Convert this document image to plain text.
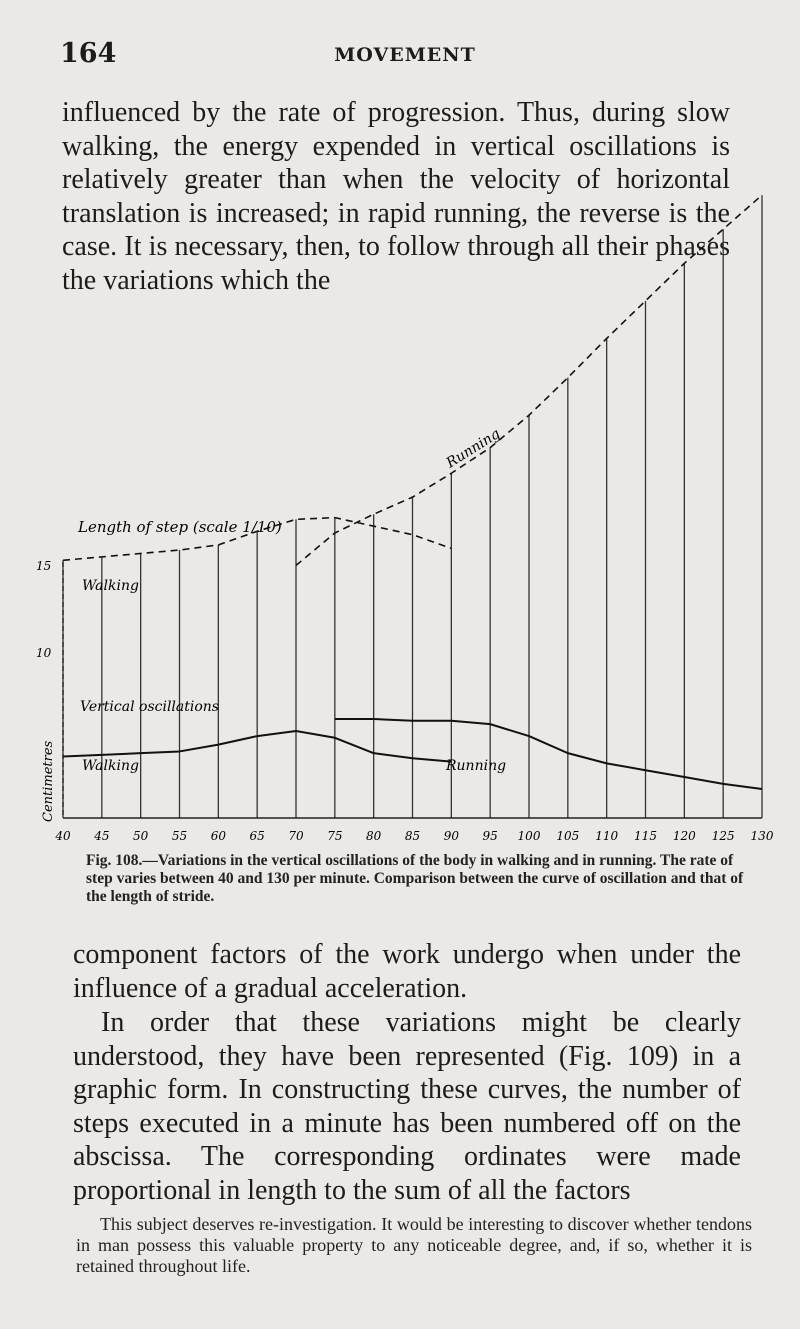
164	MOVEMENT

influenced by the rate of progression. Thus, during slow walking, the energy expended in vertical oscillations is relatively greater than when the velocity of horizontal translation is increased; in rapid running, the reverse is the case. It is necessary, then, to follow through all their phases the variations which the

40 45 50 55 60 65 70 75 80 85 90 95 100 105 110 115 120 125 130
Length of step (scale 1/10)
Walking
Running
Vertical oscillations
Walking	Running
Centimetres
15
10
Fig. 108.—Variations in the vertical oscillations of the body in walking and in running. The rate of step varies between 40 and 130 per minute. Comparison between the curve of oscillation and that of the length of stride.

component factors of the work undergo when under the influence of a gradual acceleration.

In order that these variations might be clearly understood, they have been represented (Fig. 109) in a graphic form. In constructing these curves, the number of steps executed in a minute has been numbered off on the abscissa. The corresponding ordinates were made proportional in length to the sum of all the factors

This subject deserves re-investigation. It would be interesting to discover whether tendons in man possess this valuable property to any noticeable degree, and, if so, whether it is retained throughout life.
